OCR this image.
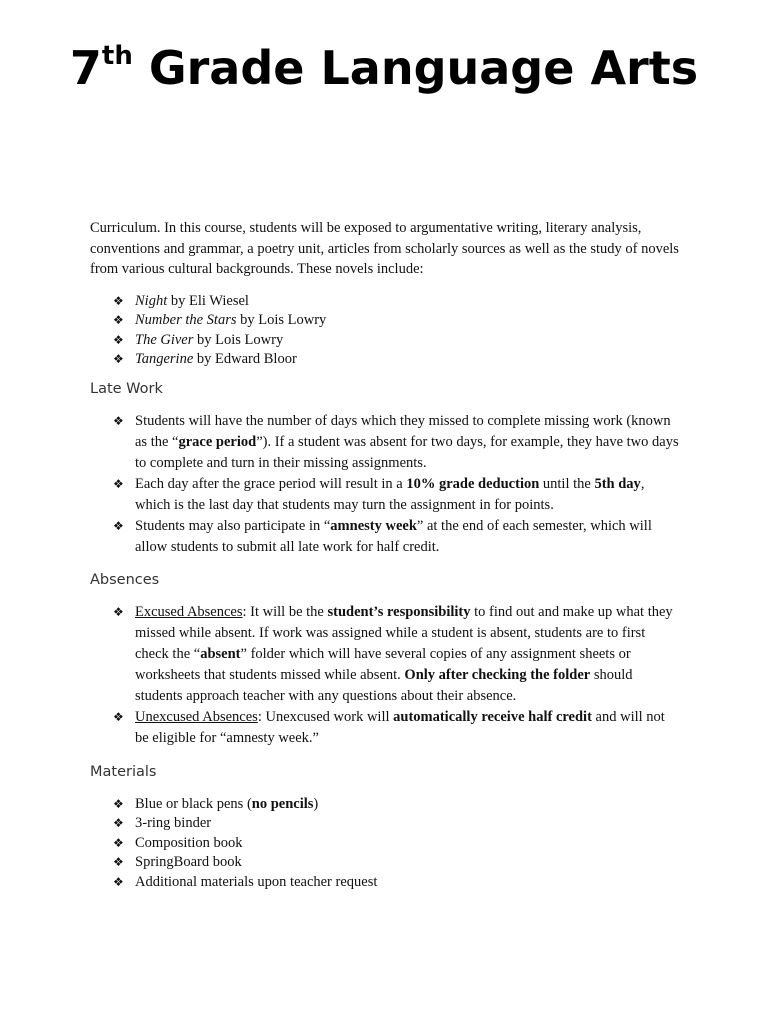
7th Grade Language Arts

Curriculum. In this course, students will be exposed to argumentative writing, literary analysis, conventions and grammar, a poetry unit, articles from scholarly sources as well as the study of novels from various cultural backgrounds. These novels include:

❖ Night by Eli Wiesel
❖ Number the Stars by Lois Lowry
❖ The Giver by Lois Lowry
❖ Tangerine by Edward Bloor
Late Work
❖ Students will have the number of days which they missed to complete missing work (known as the “grace period”). If a student was absent for two days, for example, they have two days to complete and turn in their missing assignments.
❖ Each day after the grace period will result in a 10% grade deduction until the 5th day, which is the last day that students may turn the assignment in for points.
❖ Students may also participate in “amnesty week” at the end of each semester, which will allow students to submit all late work for half credit.
Absences
❖ Excused Absences: It will be the student’s responsibility to find out and make up what they missed while absent. If work was assigned while a student is absent, students are to first check the “absent” folder which will have several copies of any assignment sheets or worksheets that students missed while absent. Only after checking the folder should students approach teacher with any questions about their absence.
❖ Unexcused Absences: Unexcused work will automatically receive half credit and will not be eligible for “amnesty week.”
Materials
❖ Blue or black pens (no pencils)
❖ 3-ring binder
❖ Composition book
❖ SpringBoard book
❖ Additional materials upon teacher request
